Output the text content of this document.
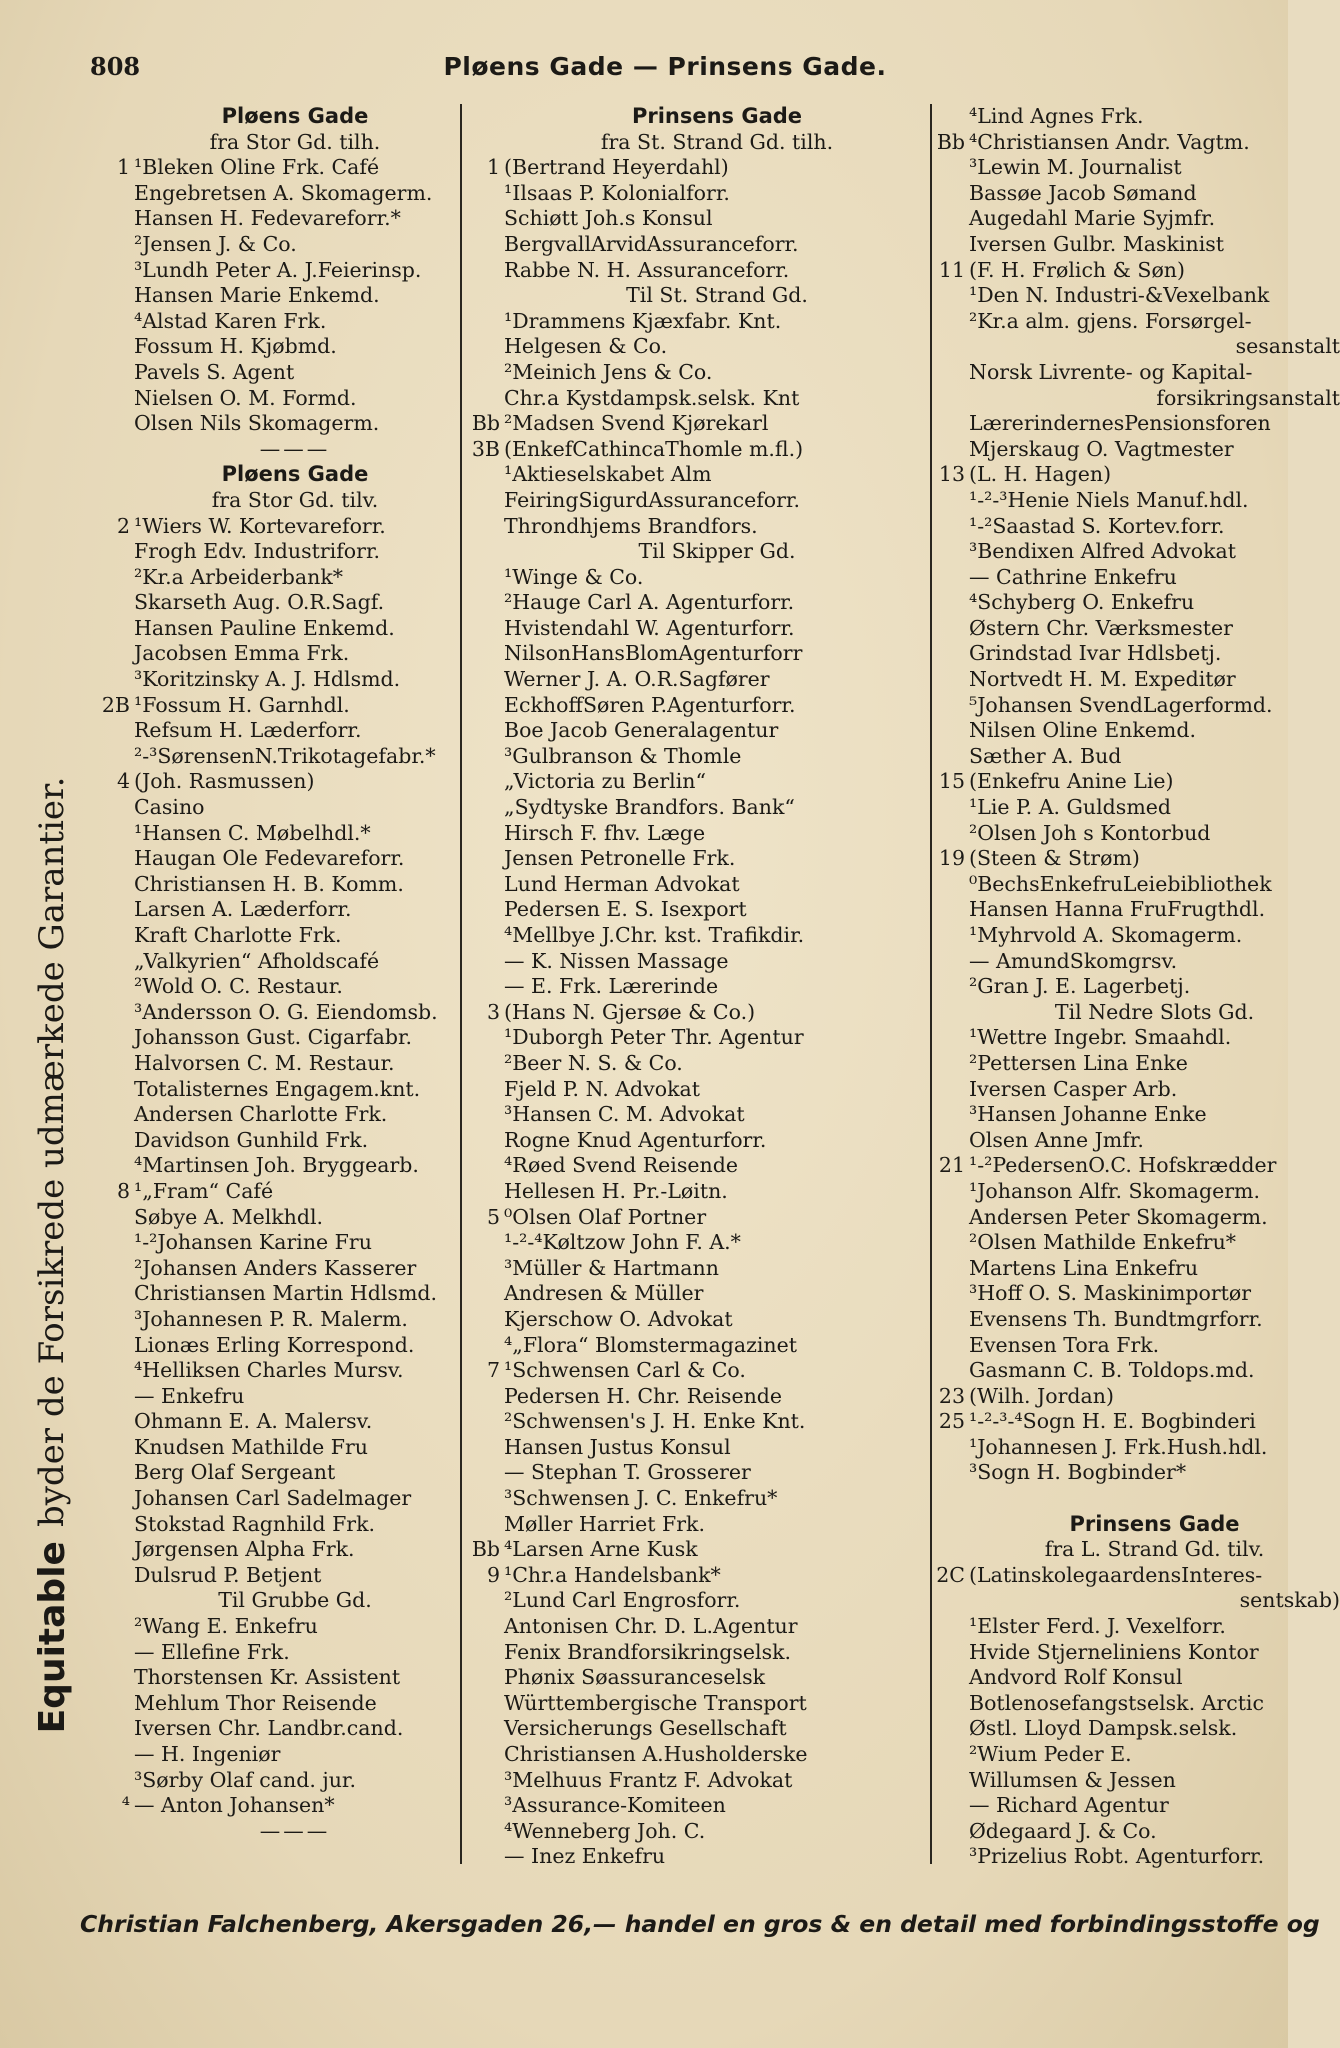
808	Pløens Gade — Prinsens Gade.
Equitable
byder de Forsikrede udmærkede Garantier.
Pløens Gade
fra Stor Gd. tilh.
1 ¹Bleken Oline Frk. Café
Engebretsen A. Skomagerm.
Hansen H. Fedevareforr.*
²Jensen J. & Co.
³Lundh Peter A. J.Feierinsp.
Hansen Marie Enkemd.
⁴Alstad Karen Frk.
Fossum H. Kjøbmd.
Pavels S. Agent
Nielsen O. M. Formd.
Olsen Nils Skomagerm.
———
Pløens Gade
fra Stor Gd. tilv.
2 ¹Wiers W. Kortevareforr.
Frogh Edv. Industriforr.
²Kr.a Arbeiderbank*
Skarseth Aug. O.R.Sagf.
Hansen Pauline Enkemd.
Jacobsen Emma Frk.
³Koritzinsky A. J. Hdlsmd.
2B ¹Fossum H. Garnhdl.
Refsum H. Læderforr.
²-³SørensenN.Trikotagefabr.*
4 (Joh. Rasmussen)
Casino
¹Hansen C. Møbelhdl.*
Haugan Ole Fedevareforr.
Christiansen H. B. Komm.
Larsen A. Læderforr.
Kraft Charlotte Frk.
„Valkyrien“ Afholdscafé
²Wold O. C. Restaur.
³Andersson O. G. Eiendomsb.
Johansson Gust. Cigarfabr.
Halvorsen C. M. Restaur.
Totalisternes Engagem.knt.
Andersen Charlotte Frk.
Davidson Gunhild Frk.
⁴Martinsen Joh. Bryggearb.
8 ¹„Fram“ Café
Søbye A. Melkhdl.
¹-²Johansen Karine Fru
²Johansen Anders Kasserer
Christiansen Martin Hdlsmd.
³Johannesen P. R. Malerm.
Lionæs Erling Korrespond.
⁴Helliksen Charles Mursv.
— Enkefru
Ohmann E. A. Malersv.
Knudsen Mathilde Fru
Berg Olaf Sergeant
Johansen Carl Sadelmager
Stokstad Ragnhild Frk.
Jørgensen Alpha Frk.
Dulsrud P. Betjent
Til Grubbe Gd.
²Wang E. Enkefru
— Ellefine Frk.
Thorstensen Kr. Assistent
Mehlum Thor Reisende
Iversen Chr. Landbr.cand.
— H. Ingeniør
³Sørby Olaf cand. jur.
⁴ — Anton Johansen*
———
Prinsens Gade
fra St. Strand Gd. tilh.
1 (Bertrand Heyerdahl)
¹Ilsaas P. Kolonialforr.
Schiøtt Joh.s Konsul
BergvallArvidAssuranceforr.
Rabbe N. H. Assuranceforr.
Til St. Strand Gd.
¹Drammens Kjæxfabr. Knt.
Helgesen & Co.
²Meinich Jens & Co.
Chr.a Kystdampsk.selsk. Knt
Bb ²Madsen Svend Kjørekarl
3B (EnkefCathincaThomle m.fl.)
¹Aktieselskabet Alm
FeiringSigurdAssuranceforr.
Throndhjems Brandfors.
Til Skipper Gd.
¹Winge & Co.
²Hauge Carl A. Agenturforr.
Hvistendahl W. Agenturforr.
NilsonHansBlomAgenturforr
Werner J. A. O.R.Sagfører
EckhoffSøren P.Agenturforr.
Boe Jacob Generalagentur
³Gulbranson & Thomle
„Victoria zu Berlin“
„Sydtyske Brandfors. Bank“
Hirsch F. fhv. Læge
Jensen Petronelle Frk.
Lund Herman Advokat
Pedersen E. S. Isexport
⁴Mellbye J.Chr. kst. Trafikdir.
— K. Nissen Massage
— E. Frk. Lærerinde
3 (Hans N. Gjersøe & Co.)
¹Duborgh Peter Thr. Agentur
²Beer N. S. & Co.
Fjeld P. N. Advokat
³Hansen C. M. Advokat
Rogne Knud Agenturforr.
⁴Røed Svend Reisende
Hellesen H. Pr.-Løitn.
5 ⁰Olsen Olaf Portner
¹-²-⁴Køltzow John F. A.*
³Müller & Hartmann
Andresen & Müller
Kjerschow O. Advokat
⁴„Flora“ Blomstermagazinet
7 ¹Schwensen Carl & Co.
Pedersen H. Chr. Reisende
²Schwensen's J. H. Enke Knt.
Hansen Justus Konsul
— Stephan T. Grosserer
³Schwensen J. C. Enkefru*
Møller Harriet Frk.
Bb ⁴Larsen Arne Kusk
9 ¹Chr.a Handelsbank*
²Lund Carl Engrosforr.
Antonisen Chr. D. L.Agentur
Fenix Brandforsikringselsk.
Phønix Søassuranceselsk
Württembergische Transport
Versicherungs Gesellschaft
Christiansen A.Husholderske
³Melhuus Frantz F. Advokat
³Assurance-Komiteen
⁴Wenneberg Joh. C.
— Inez Enkefru
⁴Lind Agnes Frk.
Bb ⁴Christiansen Andr. Vagtm.
³Lewin M. Journalist
Bassøe Jacob Sømand
Augedahl Marie Syjmfr.
Iversen Gulbr. Maskinist
11 (F. H. Frølich & Søn)
¹Den N. Industri-&Vexelbank
²Kr.a alm. gjens. Forsørgel-
sesanstalt
Norsk Livrente- og Kapital-
forsikringsanstalt
LærerindernesPensionsforen
Mjerskaug O. Vagtmester
13 (L. H. Hagen)
¹-²-³Henie Niels Manuf.hdl.
¹-²Saastad S. Kortev.forr.
³Bendixen Alfred Advokat
— Cathrine Enkefru
⁴Schyberg O. Enkefru
Østern Chr. Værksmester
Grindstad Ivar Hdlsbetj.
Nortvedt H. M. Expeditør
⁵Johansen SvendLagerformd.
Nilsen Oline Enkemd.
Sæther A. Bud
15 (Enkefru Anine Lie)
¹Lie P. A. Guldsmed
²Olsen Joh s Kontorbud
19 (Steen & Strøm)
⁰BechsEnkefruLeiebibliothek
Hansen Hanna FruFrugthdl.
¹Myhrvold A. Skomagerm.
— AmundSkomgrsv.
²Gran J. E. Lagerbetj.
Til Nedre Slots Gd.
¹Wettre Ingebr. Smaahdl.
²Pettersen Lina Enke
Iversen Casper Arb.
³Hansen Johanne Enke
Olsen Anne Jmfr.
21 ¹-²PedersenO.C. Hofskrædder
¹Johanson Alfr. Skomagerm.
Andersen Peter Skomagerm.
²Olsen Mathilde Enkefru*
Martens Lina Enkefru
³Hoff O. S. Maskinimportør
Evensens Th. Bundtmgrforr.
Evensen Tora Frk.
Gasmann C. B. Toldops.md.
23 (Wilh. Jordan)
25 ¹-²-³-⁴Sogn H. E. Bogbinderi
¹Johannesen J. Frk.Hush.hdl.
³Sogn H. Bogbinder*
Prinsens Gade
fra L. Strand Gd. tilv.
2C (LatinskolegaardensInteres-
sentskab)
¹Elster Ferd. J. Vexelforr.
Hvide Stjerneliniens Kontor
Andvord Rolf Konsul
Botlenosefangstselsk. Arctic
Østl. Lloyd Dampsk.selsk.
²Wium Peder E.
Willumsen & Jessen
— Richard Agentur
Ødegaard J. & Co.
³Prizelius Robt. Agenturforr.
Christian Falchenberg, Akersgaden 26,— handel en gros & en detail med forbindingsstoffe og
